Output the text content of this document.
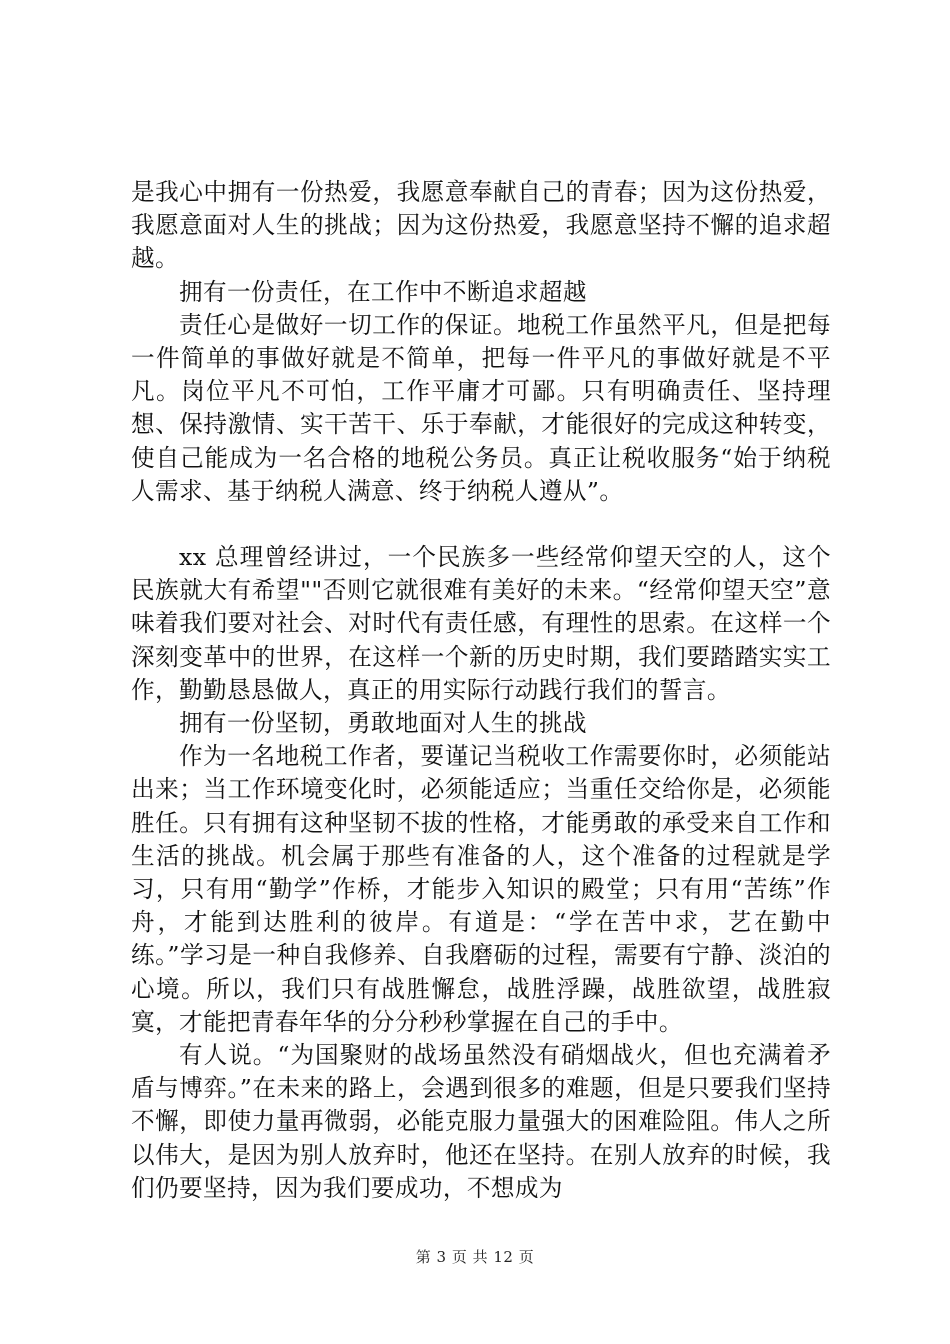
是我心中拥有一份热爱，我愿意奉献自己的青春；因为这份热爱，我愿意面对人生的挑战；因为这份热爱，我愿意坚持不懈的追求超越。

拥有一份责任，在工作中不断追求超越

责任心是做好一切工作的保证。地税工作虽然平凡，但是把每一件简单的事做好就是不简单，把每一件平凡的事做好就是不平凡。岗位平凡不可怕，工作平庸才可鄙。只有明确责任、坚持理想、保持激情、实干苦干、乐于奉献，才能很好的完成这种转变，使自己能成为一名合格的地税公务员。真正让税收服务“始于纳税人需求、基于纳税人满意、终于纳税人遵从”。

xx 总理曾经讲过，一个民族多一些经常仰望天空的人，这个民族就大有希望""否则它就很难有美好的未来。“经常仰望天空”意味着我们要对社会、对时代有责任感，有理性的思索。在这样一个深刻变革中的世界，在这样一个新的历史时期，我们要踏踏实实工作，勤勤恳恳做人，真正的用实际行动践行我们的誓言。

拥有一份坚韧，勇敢地面对人生的挑战

作为一名地税工作者，要谨记当税收工作需要你时，必须能站出来；当工作环境变化时，必须能适应；当重任交给你是，必须能胜任。只有拥有这种坚韧不拔的性格，才能勇敢的承受来自工作和生活的挑战。机会属于那些有准备的人，这个准备的过程就是学习，只有用“勤学”作桥，才能步入知识的殿堂；只有用“苦练”作舟，才能到达胜利的彼岸。有道是：“学在苦中求，艺在勤中练。”学习是一种自我修养、自我磨砺的过程，需要有宁静、淡泊的心境。所以，我们只有战胜懈怠，战胜浮躁，战胜欲望，战胜寂寞，才能把青春年华的分分秒秒掌握在自己的手中。

有人说。“为国聚财的战场虽然没有硝烟战火，但也充满着矛盾与博弈。”在未来的路上，会遇到很多的难题，但是只要我们坚持不懈，即使力量再微弱，必能克服力量强大的困难险阻。伟人之所以伟大，是因为别人放弃时，他还在坚持。在别人放弃的时候，我们仍要坚持，因为我们要成功，不想成为

第 3 页 共 12 页
